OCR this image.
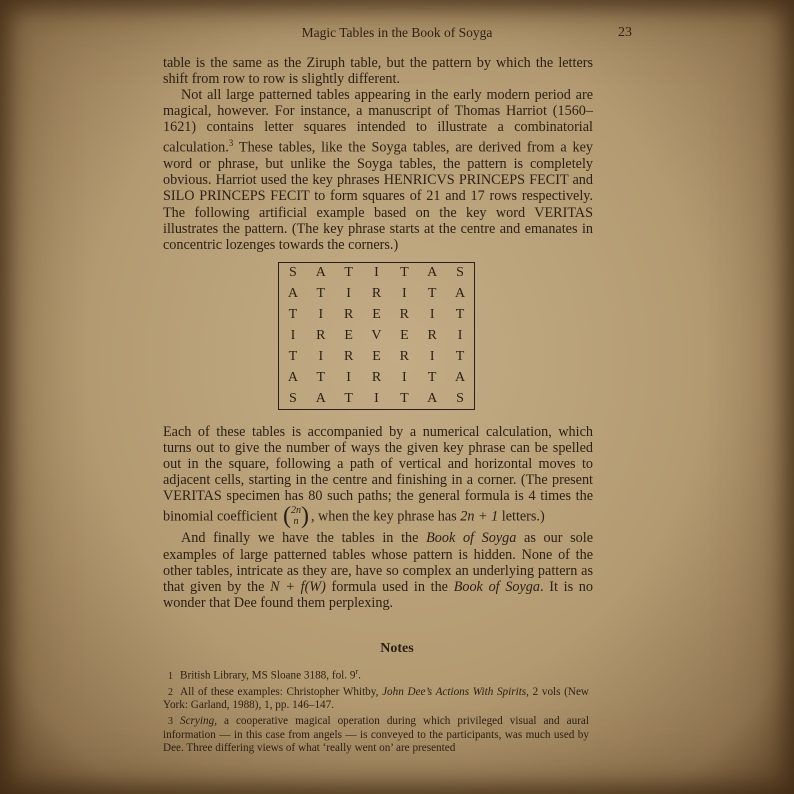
Magic Tables in the Book of Soyga	23

table is the same as the Ziruph table, but the pattern by which the letters shift from row to row is slightly different.

Not all large patterned tables appearing in the early modern period are magical, however. For instance, a manuscript of Thomas Harriot (1560–1621) contains letter squares intended to illustrate a combinatorial calculation.$^3$ These tables, like the Soyga tables, are derived from a key word or phrase, but unlike the Soyga tables, the pattern is completely obvious. Harriot used the key phrases HENRICVS PRINCEPS FECIT and SILO PRINCEPS FECIT to form squares of 21 and 17 rows respectively. The following artificial example based on the key word VERITAS illustrates the pattern. (The key phrase starts at the centre and emanates in concentric lozenges towards the corners.)

S	A	T	I	T	A	S
A	T	I	R	I	T	A
T	I	R	E	R	I	T
I	R	E	V	E	R	I
T	I	R	E	R	I	T
A	T	I	R	I	T	A
S	A	T	I	T	A	S

Each of these tables is accompanied by a numerical calculation, which turns out to give the number of ways the given key phrase can be spelled out in the square, following a path of vertical and horizontal moves to adjacent cells, starting in the centre and finishing in a corner. (The present VERITAS specimen has 80 such paths; the general formula is 4 times the binomial coefficient (2n
n ) , when the key phrase has 2n + 1 letters.)

And finally we have the tables in the Book of Soyga as our sole examples of large patterned tables whose pattern is hidden. None of the other tables, intricate as they are, have so complex an underlying pattern as that given by the N + f(W) formula used in the Book of Soyga. It is no wonder that Dee found them perplexing.

Notes

1 British Library, MS Sloane 3188, fol. 9$^r$.

2 All of these examples: Christopher Whitby, John Dee’s Actions With Spirits, 2 vols (New York: Garland, 1988), 1, pp. 146–147.

3 Scrying, a cooperative magical operation during which privileged visual and aural information — in this case from angels — is conveyed to the participants, was much used by Dee. Three differing views of what ‘really went on’ are presented
